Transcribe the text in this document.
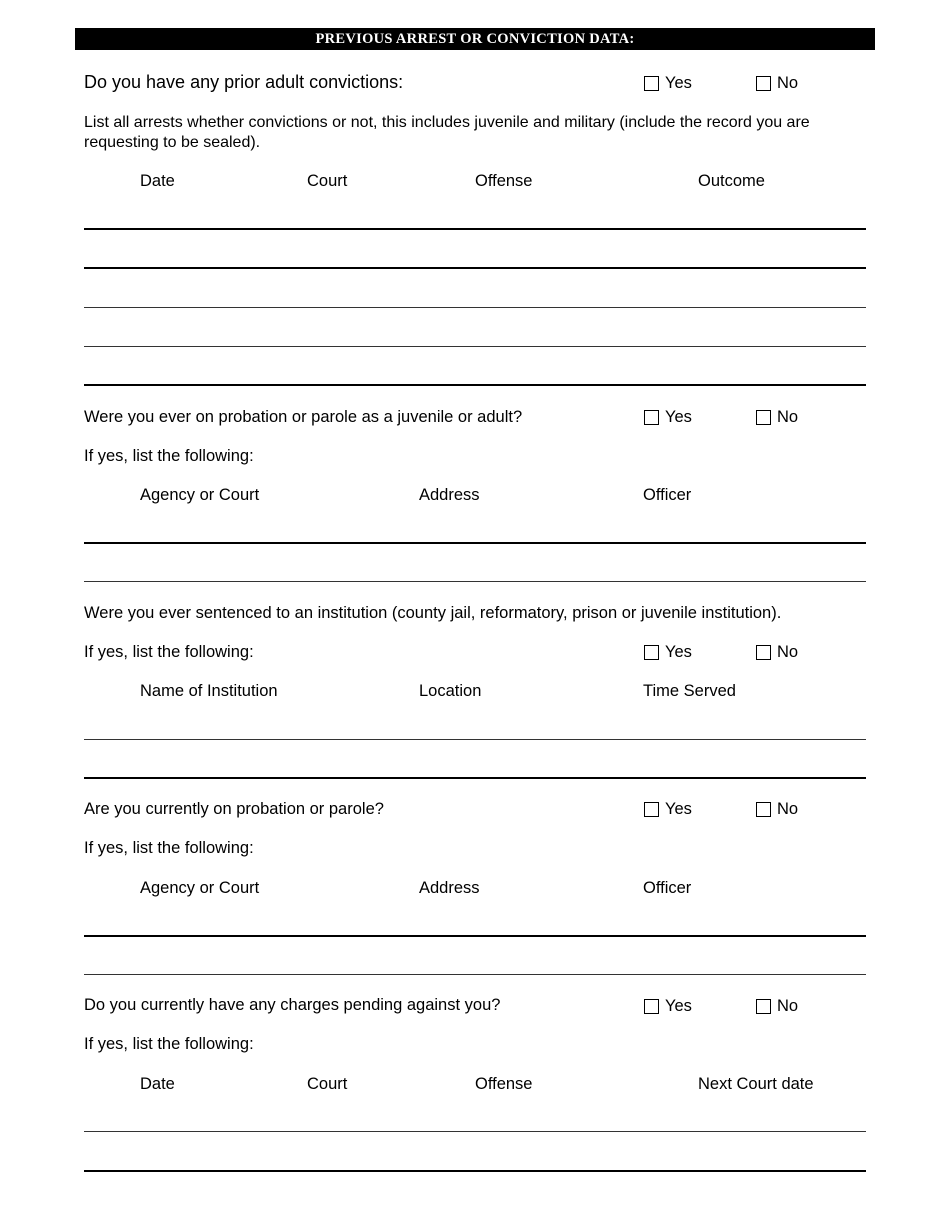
PREVIOUS ARREST OR CONVICTION DATA:
Do you have any prior adult convictions:	Yes	No
List all arrests whether convictions or not, this includes juvenile and military (include the record you are requesting to be sealed).
Date	Court	Offense	Outcome
Were you ever on probation or parole as a juvenile or adult?	Yes	No
If yes, list the following:
Agency or Court	Address	Officer
Were you ever sentenced to an institution (county jail, reformatory, prison or juvenile institution).
If yes, list the following:	Yes	No
Name of Institution	Location	Time Served
Are you currently on probation or parole?	Yes	No
If yes, list the following:
Agency or Court	Address	Officer
Do you currently have any charges pending against you?	Yes	No
If yes, list the following:
Date	Court	Offense	Next Court date
